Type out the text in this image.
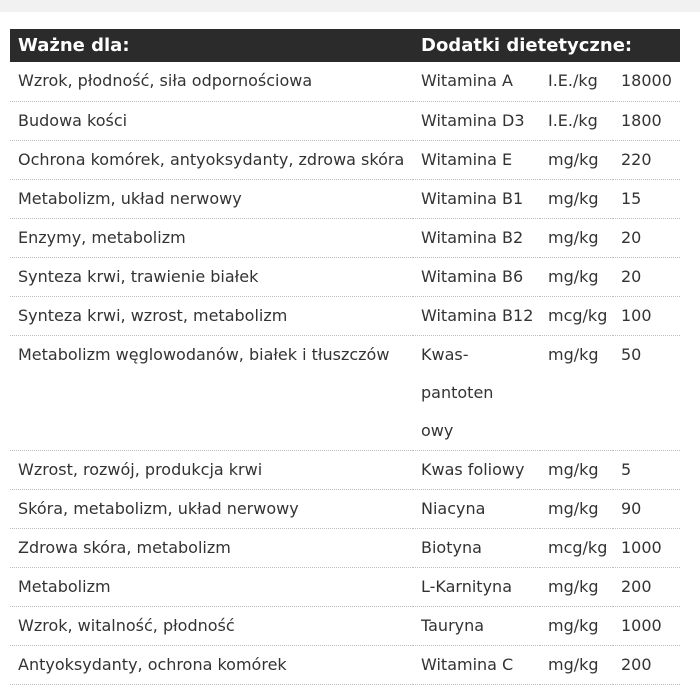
Ważne dla:	Dodatki dietetyczne:		
Wzrok, płodność, siła odpornościowa	Witamina A	I.E./kg	18000
Budowa kości	Witamina D3	I.E./kg	1800
Ochrona komórek, antyoksydanty, zdrowa skóra	Witamina E	mg/kg	220
Metabolizm, układ nerwowy	Witamina B1	mg/kg	15
Enzymy, metabolizm	Witamina B2	mg/kg	20
Synteza krwi, trawienie białek	Witamina B6	mg/kg	20
Synteza krwi, wzrost, metabolizm	Witamina B12	mcg/kg	100
Metabolizm węglowodanów, białek i tłuszczów	Kwas-pantotenowy	mg/kg	50
Wzrost, rozwój, produkcja krwi	Kwas foliowy	mg/kg	5
Skóra, metabolizm, układ nerwowy	Niacyna	mg/kg	90
Zdrowa skóra, metabolizm	Biotyna	mcg/kg	1000
Metabolizm	L-Karnityna	mg/kg	200
Wzrok, witalność, płodność	Tauryna	mg/kg	1000
Antyoksydanty, ochrona komórek	Witamina C	mg/kg	200
